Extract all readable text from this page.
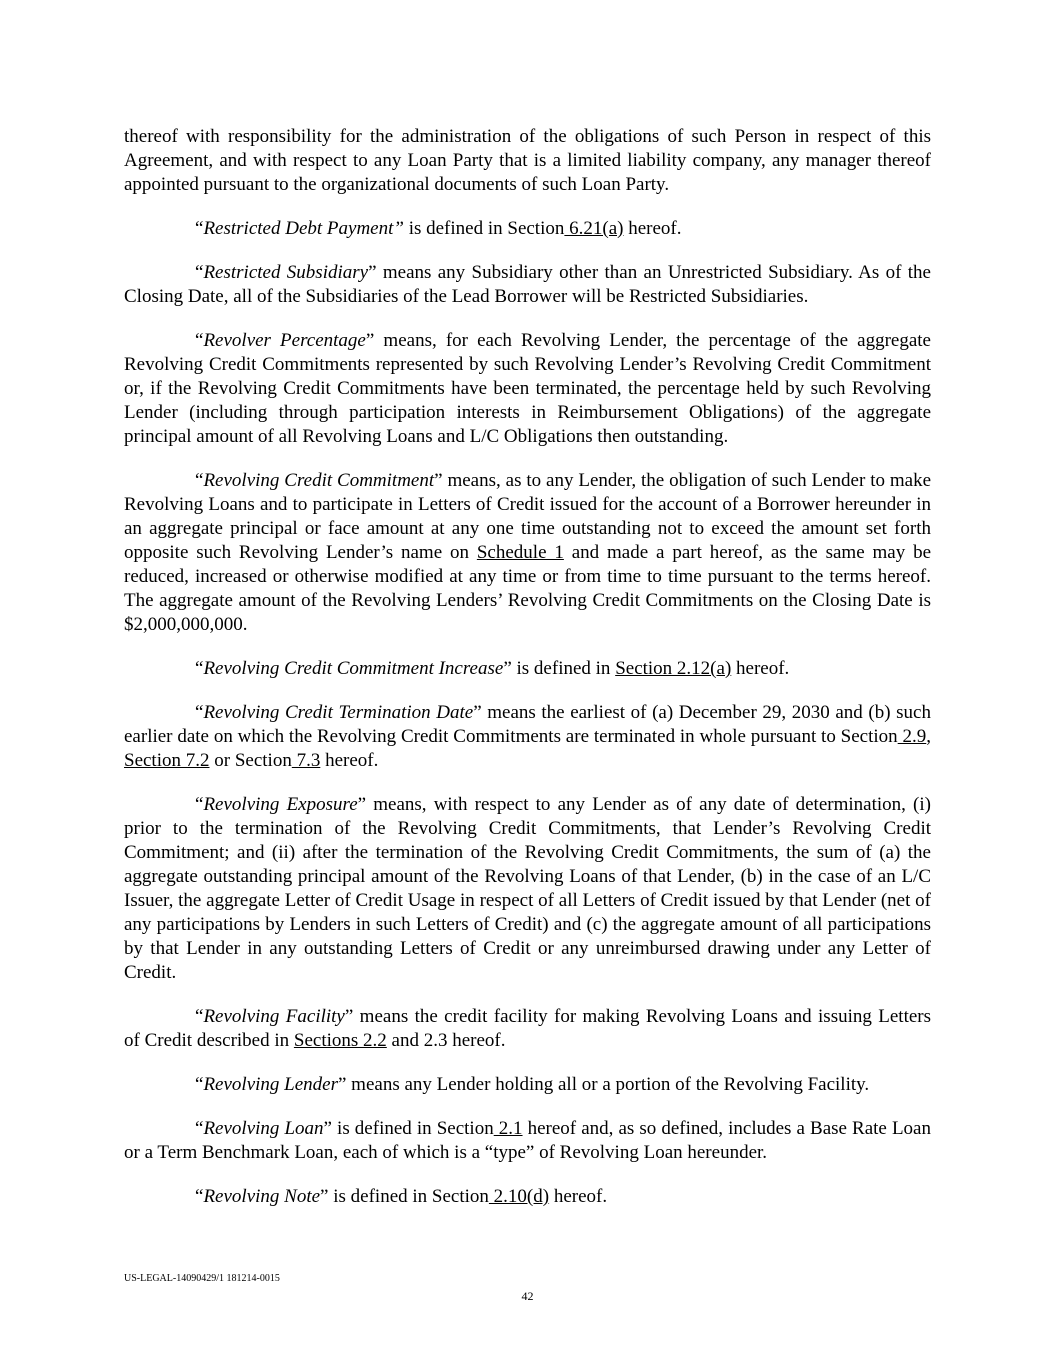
thereof with responsibility for the administration of the obligations of such Person in respect of this Agreement, and with respect to any Loan Party that is a limited liability company, any manager thereof appointed pursuant to the organizational documents of such Loan Party.

“Restricted Debt Payment” is defined in Section 6.21(a) hereof.

“Restricted Subsidiary” means any Subsidiary other than an Unrestricted Subsidiary. As of the Closing Date, all of the Subsidiaries of the Lead Borrower will be Restricted Subsidiaries.

“Revolver Percentage” means, for each Revolving Lender, the percentage of the aggregate Revolving Credit Commitments represented by such Revolving Lender’s Revolving Credit Commitment or, if the Revolving Credit Commitments have been terminated, the percentage held by such Revolving Lender (including through participation interests in Reimbursement Obligations) of the aggregate principal amount of all Revolving Loans and L/C Obligations then outstanding.

“Revolving Credit Commitment” means, as to any Lender, the obligation of such Lender to make Revolving Loans and to participate in Letters of Credit issued for the account of a Borrower hereunder in an aggregate principal or face amount at any one time outstanding not to exceed the amount set forth opposite such Revolving Lender’s name on Schedule 1 and made a part hereof, as the same may be reduced, increased or otherwise modified at any time or from time to time pursuant to the terms hereof. The aggregate amount of the Revolving Lenders’ Revolving Credit Commitments on the Closing Date is $2,000,000,000.

“Revolving Credit Commitment Increase” is defined in Section 2.12(a) hereof.

“Revolving Credit Termination Date” means the earliest of (a) December 29, 2030 and (b) such earlier date on which the Revolving Credit Commitments are terminated in whole pursuant to Section 2.9, Section 7.2 or Section 7.3 hereof.

“Revolving Exposure” means, with respect to any Lender as of any date of determination, (i) prior to the termination of the Revolving Credit Commitments, that Lender’s Revolving Credit Commitment; and (ii) after the termination of the Revolving Credit Commitments, the sum of (a) the aggregate outstanding principal amount of the Revolving Loans of that Lender, (b) in the case of an L/C Issuer, the aggregate Letter of Credit Usage in respect of all Letters of Credit issued by that Lender (net of any participations by Lenders in such Letters of Credit) and (c) the aggregate amount of all participations by that Lender in any outstanding Letters of Credit or any unreimbursed drawing under any Letter of Credit.

“Revolving Facility” means the credit facility for making Revolving Loans and issuing Letters of Credit described in Sections 2.2 and 2.3 hereof.

“Revolving Lender” means any Lender holding all or a portion of the Revolving Facility.

“Revolving Loan” is defined in Section 2.1 hereof and, as so defined, includes a Base Rate Loan or a Term Benchmark Loan, each of which is a “type” of Revolving Loan hereunder.

“Revolving Note” is defined in Section 2.10(d) hereof.

US-LEGAL-14090429/1 181214-0015
42
